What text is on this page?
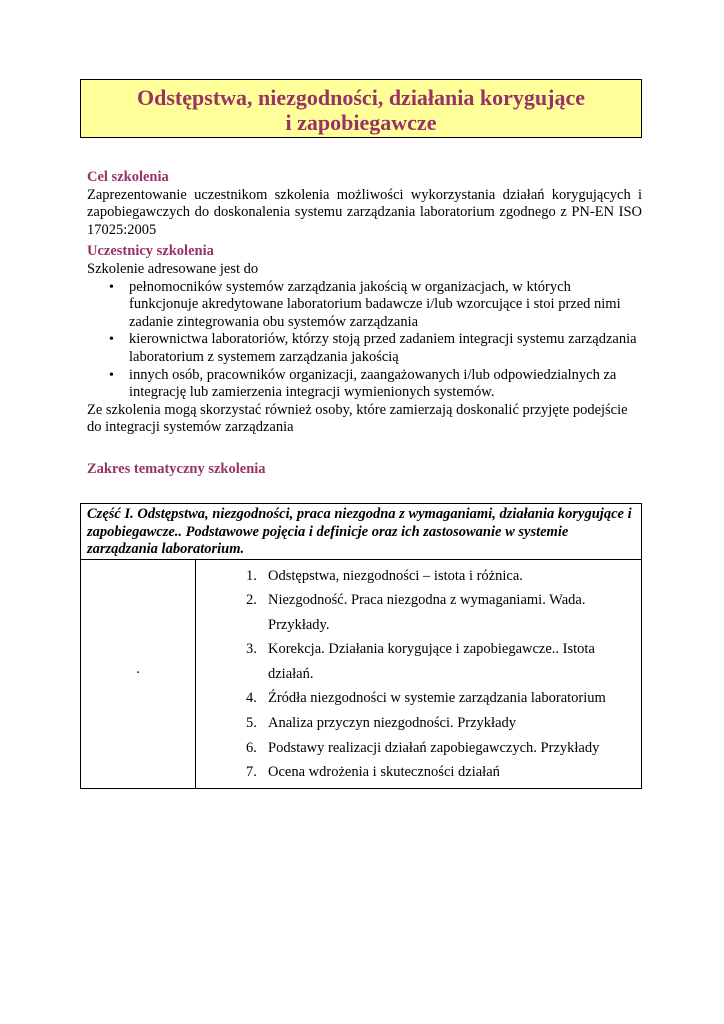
Odstępstwa, niezgodności, działania korygujące
i zapobiegawcze
Cel szkolenia
Zaprezentowanie uczestnikom szkolenia możliwości wykorzystania działań korygujących i zapobiegawczych do doskonalenia systemu zarządzania laboratorium zgodnego z PN-EN ISO 17025:2005
Uczestnicy szkolenia
Szkolenie adresowane jest do
• pełnomocników systemów zarządzania jakością w organizacjach, w których funkcjonuje akredytowane laboratorium badawcze i/lub wzorcujące i stoi przed nimi zadanie zintegrowania obu systemów zarządzania
• kierownictwa laboratoriów, którzy stoją przed zadaniem integracji systemu zarządzania laboratorium z systemem zarządzania jakością
• innych osób, pracowników organizacji, zaangażowanych i/lub odpowiedzialnych za integrację lub zamierzenia integracji wymienionych systemów.
Ze szkolenia mogą skorzystać również osoby, które zamierzają doskonalić przyjęte podejście do integracji systemów zarządzania
Zakres tematyczny szkolenia
Część I. Odstępstwa, niezgodności, praca niezgodna z wymaganiami, działania korygujące i zapobiegawcze.. Podstawowe pojęcia i definicje oraz ich zastosowanie w systemie zarządzania laboratorium.
·	
1. Odstępstwa, niezgodności – istota i różnica.
2. Niezgodność. Praca niezgodna z wymaganiami. Wada. Przykłady.
3. Korekcja. Działania korygujące i zapobiegawcze.. Istota działań.
4. Źródła niezgodności w systemie zarządzania laboratorium
5. Analiza przyczyn niezgodności. Przykłady
6. Podstawy realizacji działań zapobiegawczych. Przykłady
7. Ocena wdrożenia i skuteczności działań
